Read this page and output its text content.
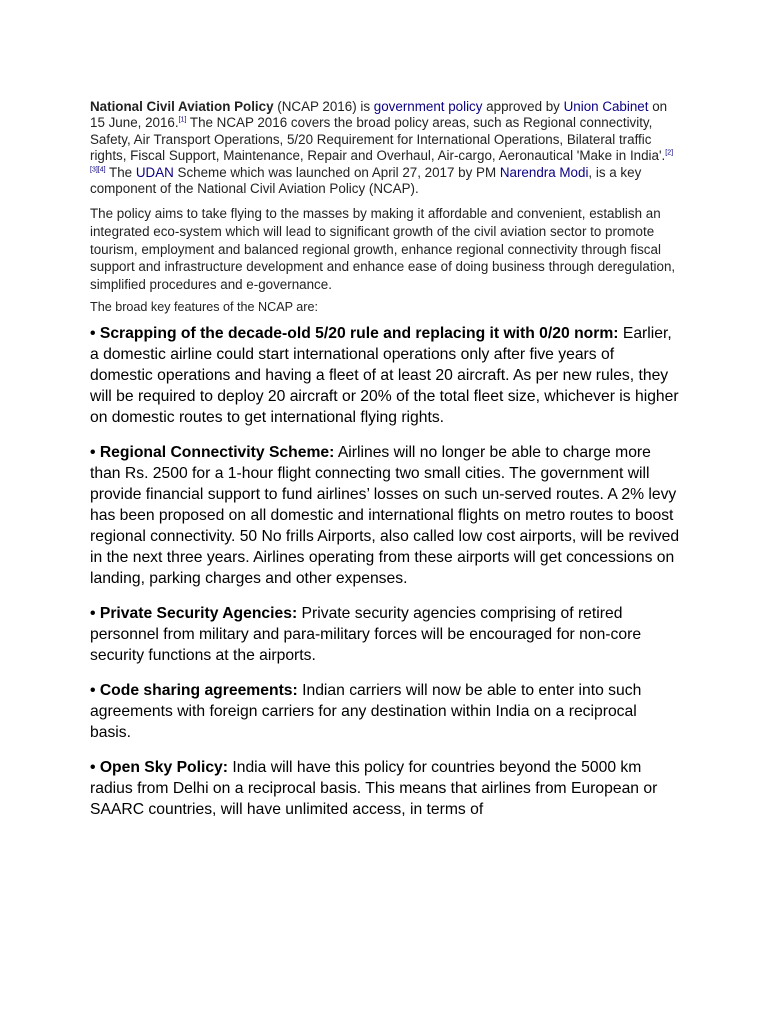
National Civil Aviation Policy (NCAP 2016) is government policy approved by Union Cabinet on 15 June, 2016.[1] The NCAP 2016 covers the broad policy areas, such as Regional connectivity, Safety, Air Transport Operations, 5/20 Requirement for International Operations, Bilateral traffic rights, Fiscal Support, Maintenance, Repair and Overhaul, Air-cargo, Aeronautical 'Make in India'.[2][3][4] The UDAN Scheme which was launched on April 27, 2017 by PM Narendra Modi, is a key component of the National Civil Aviation Policy (NCAP).

The policy aims to take flying to the masses by making it affordable and convenient, establish an integrated eco-system which will lead to significant growth of the civil aviation sector to promote tourism, employment and balanced regional growth, enhance regional connectivity through fiscal support and infrastructure development and enhance ease of doing business through deregulation, simplified procedures and e-governance.

The broad key features of the NCAP are:

• Scrapping of the decade-old 5/20 rule and replacing it with 0/20 norm: Earlier, a domestic airline could start international operations only after five years of domestic operations and having a fleet of at least 20 aircraft. As per new rules, they will be required to deploy 20 aircraft or 20% of the total fleet size, whichever is higher on domestic routes to get international flying rights.

• Regional Connectivity Scheme: Airlines will no longer be able to charge more than Rs. 2500 for a 1-hour flight connecting two small cities. The government will provide financial support to fund airlines’ losses on such un-served routes. A 2% levy has been proposed on all domestic and international flights on metro routes to boost regional connectivity. 50 No frills Airports, also called low cost airports, will be revived in the next three years. Airlines operating from these airports will get concessions on landing, parking charges and other expenses.

• Private Security Agencies: Private security agencies comprising of retired personnel from military and para-military forces will be encouraged for non-core security functions at the airports.

• Code sharing agreements: Indian carriers will now be able to enter into such agreements with foreign carriers for any destination within India on a reciprocal basis.

• Open Sky Policy: India will have this policy for countries beyond the 5000 km radius from Delhi on a reciprocal basis. This means that airlines from European or SAARC countries, will have unlimited access, in terms of
